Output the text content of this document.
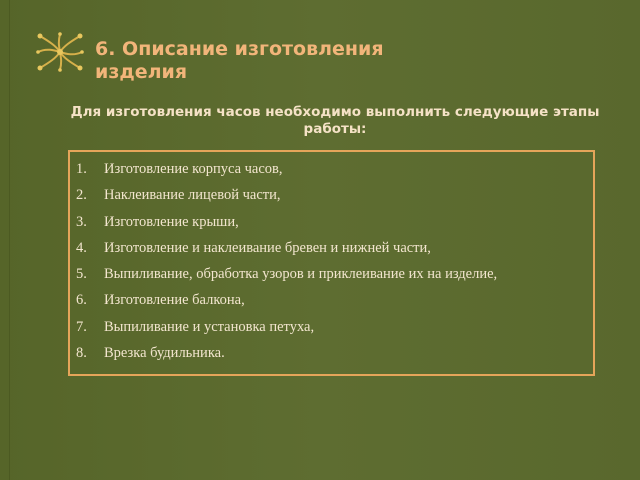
6. Описание изготовления изделия

Для изготовления часов необходимо выполнить следующие этапы работы:

1.	Изготовление корпуса часов,
2.	Наклеивание лицевой части,
3.	Изготовление крыши,
4.	Изготовление и наклеивание бревен и нижней части,
5.	Выпиливание, обработка узоров и приклеивание их на изделие,
6.	Изготовление балкона,
7.	Выпиливание и установка петуха,
8.	Врезка будильника.
